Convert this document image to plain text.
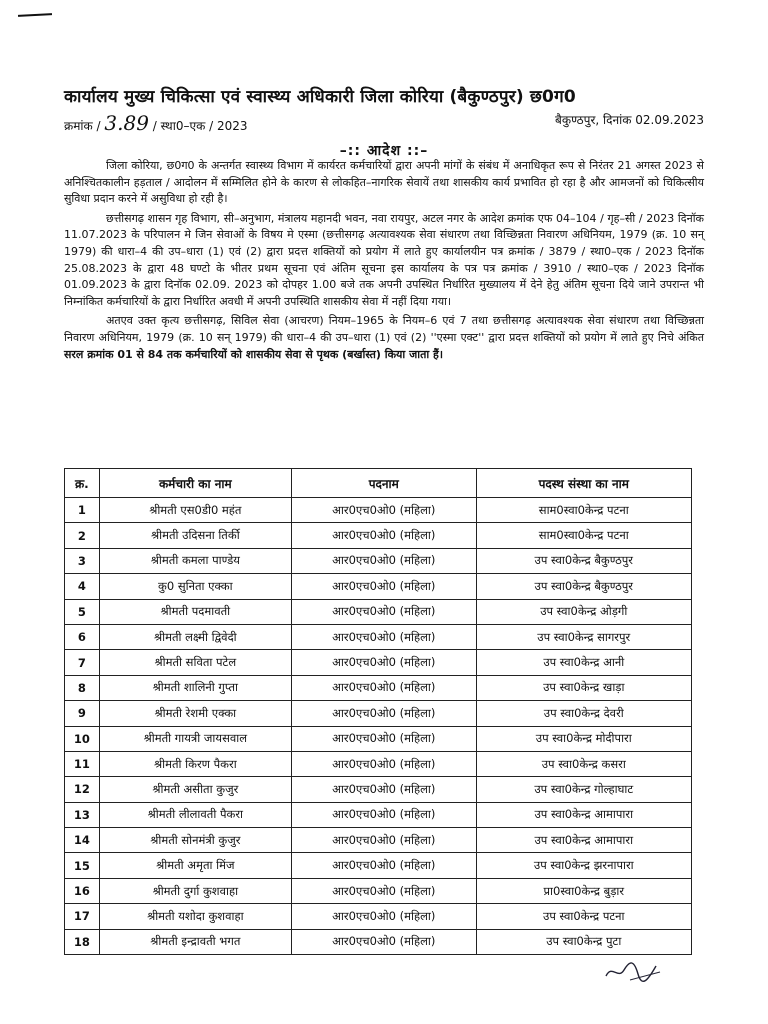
कार्यालय मुख्य चिकित्सा एवं स्वास्थ्य अधिकारी जिला कोरिया (बैकुण्ठपुर) छ0ग0
क्रमांक / 3.89 / स्था0–एक / 2023	बैकुण्ठपुर, दिनांक 02.09.2023
–:: आदेश ::–

जिला कोरिया, छ0ग0 के अन्तर्गत स्वास्थ्य विभाग में कार्यरत कर्मचारियों द्वारा अपनी मांगों के संबंध में अनाधिकृत रूप से निरंतर 21 अगस्त 2023 से अनिश्चितकालीन हड़ताल / आदोलन में सम्मिलित होने के कारण से लोकहित–नागरिक सेवायें तथा शासकीय कार्य प्रभावित हो रहा है और आमजनों को चिकित्सीय सुविधा प्रदान करने में असुविधा हो रही है।

छत्तीसगढ़ शासन गृह विभाग, सी–अनुभाग, मंत्रालय महानदी भवन, नवा रायपुर, अटल नगर के आदेश क्रमांक एफ 04–104 / गृह–सी / 2023 दिनॉक 11.07.2023 के परिपालन मे जिन सेवाओं के विषय मे एस्मा (छत्तीसगढ़ अत्यावश्यक सेवा संधारण तथा विच्छिन्नता निवारण अधिनियम, 1979 (क्र. 10 सन् 1979) की धारा–4 की उप–धारा (1) एवं (2) द्वारा प्रदत्त शक्तियों को प्रयोग में लाते हुए कार्यालयीन पत्र क्रमांक / 3879 / स्था0–एक / 2023 दिनॉक 25.08.2023 के द्वारा 48 घण्टो के भीतर प्रथम सूचना एवं अंतिम सूचना इस कार्यालय के पत्र पत्र क्रमांक / 3910 / स्था0–एक / 2023 दिनॉक 01.09.2023 के द्वारा दिनॉक 02.09. 2023 को दोपहर 1.00 बजे तक अपनी उपस्थित निर्धारित मुख्यालय में देने हेतु अंतिम सूचना दिये जाने उपरान्त भी निम्नांकित कर्मचारियों के द्वारा निर्धारित अवधी में अपनी उपस्थिति शासकीय सेवा में नहीं दिया गया।

अतएव उक्त कृत्य छत्तीसगढ़, सिविल सेवा (आचरण) नियम–1965 के नियम–6 एवं 7 तथा छत्तीसगढ़ अत्यावश्यक सेवा संधारण तथा विच्छिन्नता निवारण अधिनियम, 1979 (क्र. 10 सन् 1979) की धारा–4 की उप–धारा (1) एवं (2) ''एस्मा एक्ट'' द्वारा प्रदत्त शक्तियों को प्रयोग में लाते हुए निचे अंकित सरल क्रमांक 01 से 84 तक कर्मचारियों को शासकीय सेवा से पृथक (बर्खास्त) किया जाता हैं।

क्र.	कर्मचारी का नाम	पदनाम	पदस्थ संस्था का नाम
1	श्रीमती एस0डी0 महंत	आर0एच0ओ0 (महिला)	साम0स्वा0केन्द्र पटना
2	श्रीमती उदिसना तिर्की	आर0एच0ओ0 (महिला)	साम0स्वा0केन्द्र पटना
3	श्रीमती कमला पाण्डेय	आर0एच0ओ0 (महिला)	उप स्वा0केन्द्र बैकुण्ठपुर
4	कु0 सुनिता एक्का	आर0एच0ओ0 (महिला)	उप स्वा0केन्द्र बैकुण्ठपुर
5	श्रीमती पदमावती	आर0एच0ओ0 (महिला)	उप स्वा0केन्द्र ओड़गी
6	श्रीमती लक्ष्मी द्विवेदी	आर0एच0ओ0 (महिला)	उप स्वा0केन्द्र सागरपुर
7	श्रीमती सविता पटेल	आर0एच0ओ0 (महिला)	उप स्वा0केन्द्र आनी
8	श्रीमती शालिनी गुप्ता	आर0एच0ओ0 (महिला)	उप स्वा0केन्द्र खाड़ा
9	श्रीमती रेशमी एक्का	आर0एच0ओ0 (महिला)	उप स्वा0केन्द्र देवरी
10	श्रीमती गायत्री जायसवाल	आर0एच0ओ0 (महिला)	उप स्वा0केन्द्र मोदीपारा
11	श्रीमती किरण पैकरा	आर0एच0ओ0 (महिला)	उप स्वा0केन्द्र कसरा
12	श्रीमती असीता कुजुर	आर0एच0ओ0 (महिला)	उप स्वा0केन्द्र गोल्हाघाट
13	श्रीमती लीलावती पैकरा	आर0एच0ओ0 (महिला)	उप स्वा0केन्द्र आमापारा
14	श्रीमती सोनमंत्री कुजुर	आर0एच0ओ0 (महिला)	उप स्वा0केन्द्र आमापारा
15	श्रीमती अमृता मिंज	आर0एच0ओ0 (महिला)	उप स्वा0केन्द्र झरनापारा
16	श्रीमती दुर्गा कुशवाहा	आर0एच0ओ0 (महिला)	प्रा0स्वा0केन्द्र बुड़ार
17	श्रीमती यशोदा कुशवाहा	आर0एच0ओ0 (महिला)	उप स्वा0केन्द्र पटना
18	श्रीमती इन्द्रावती भगत	आर0एच0ओ0 (महिला)	उप स्वा0केन्द्र पुटा
